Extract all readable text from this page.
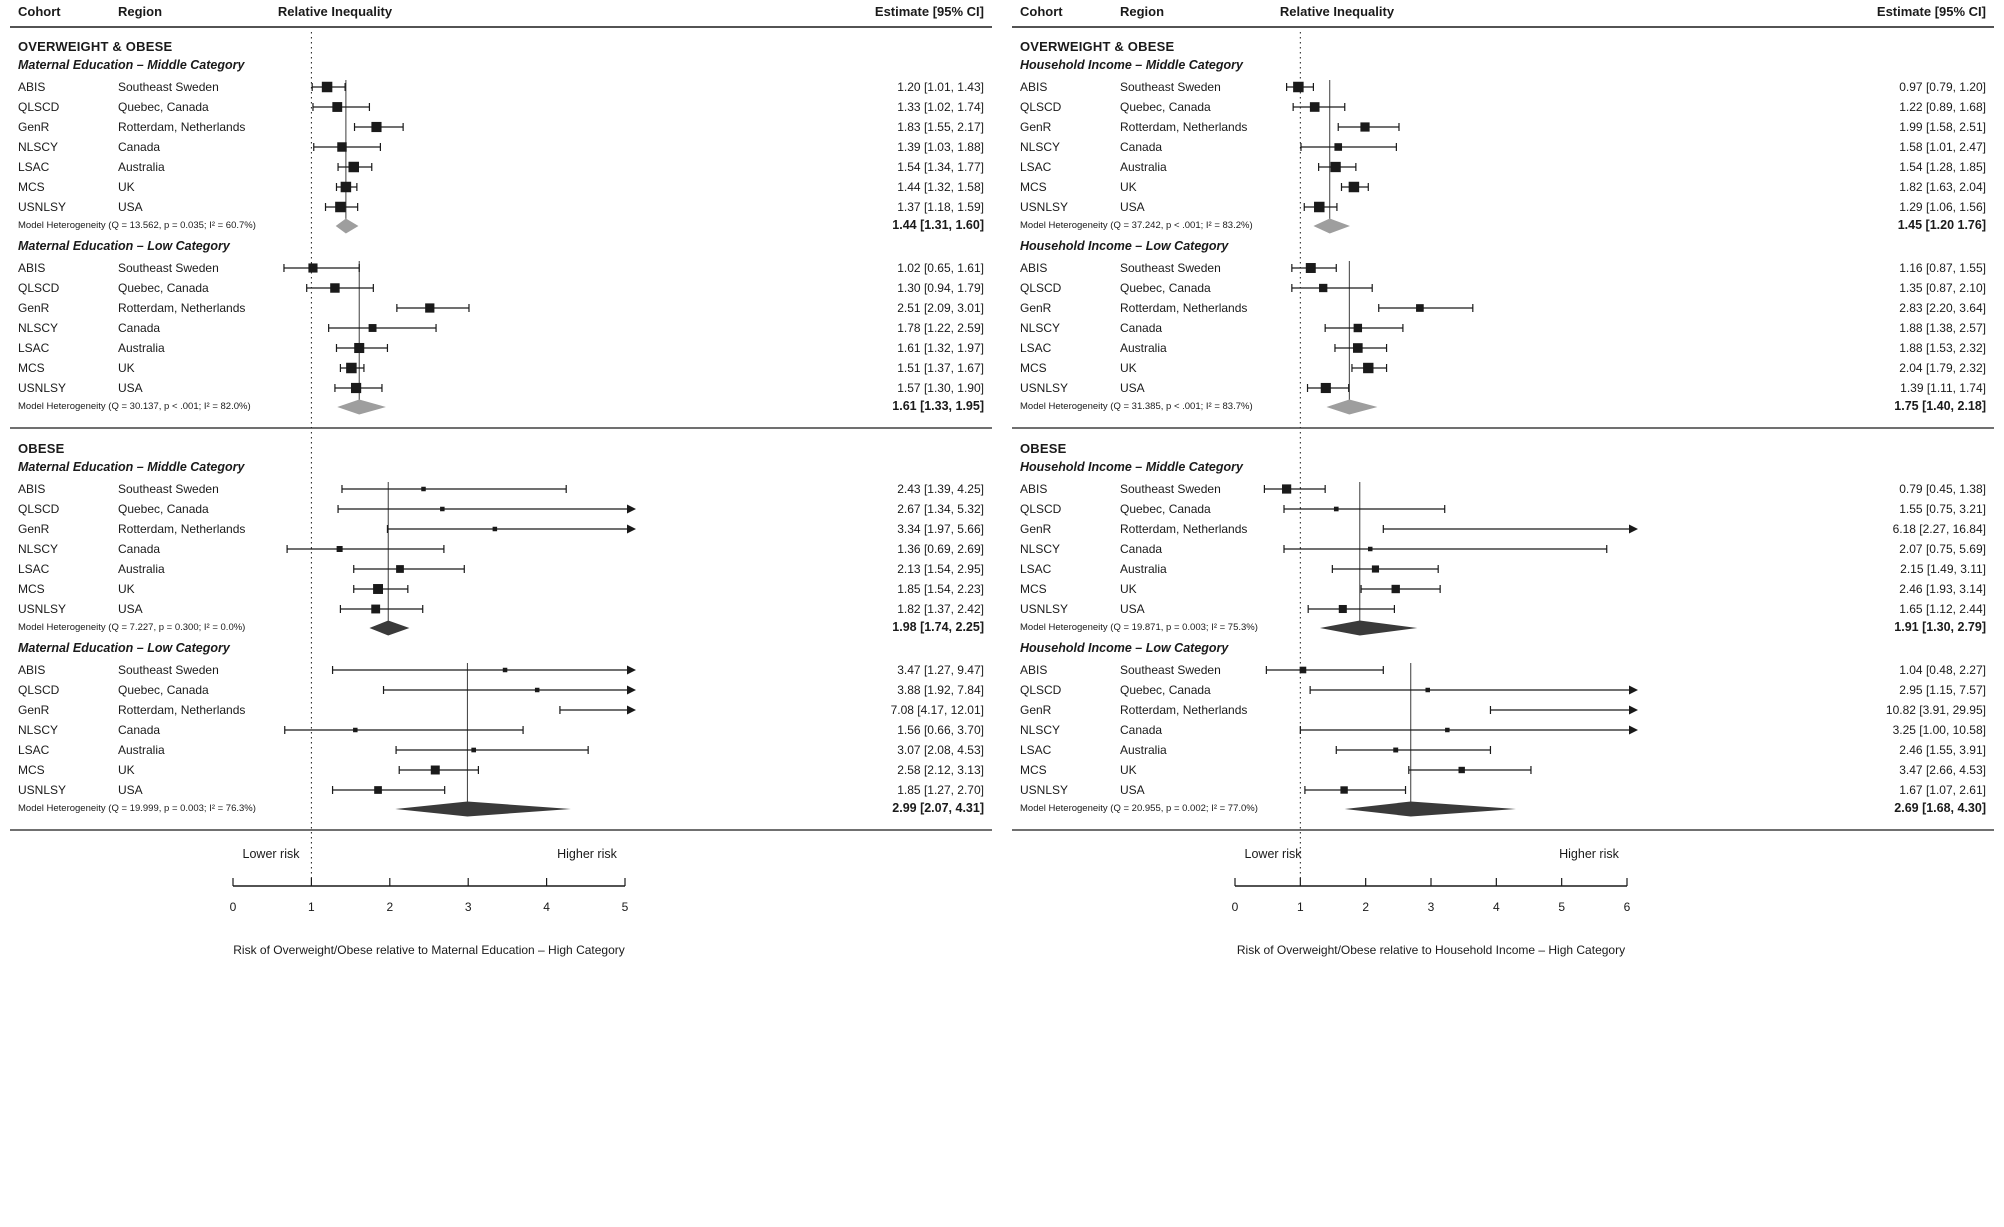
Cohort	Region	Relative Inequality	Estimate [95% CI]
OVERWEIGHT & OBESE
Maternal Education – Middle Category
ABIS	Southeast Sweden	1.20 [1.01, 1.43]
QLSCD	Quebec, Canada	1.33 [1.02, 1.74]
GenR	Rotterdam, Netherlands	1.83 [1.55, 2.17]
NLSCY	Canada	1.39 [1.03, 1.88]
LSAC	Australia	1.54 [1.34, 1.77]
MCS	UK	1.44 [1.32, 1.58]
USNLSY	USA	1.37 [1.18, 1.59]
Model Heterogeneity (Q = 13.562, p = 0.035; I² = 60.7%)	1.44 [1.31, 1.60]
Maternal Education – Low Category
ABIS	Southeast Sweden	1.02 [0.65, 1.61]
QLSCD	Quebec, Canada	1.30 [0.94, 1.79]
GenR	Rotterdam, Netherlands	2.51 [2.09, 3.01]
NLSCY	Canada	1.78 [1.22, 2.59]
LSAC	Australia	1.61 [1.32, 1.97]
MCS	UK	1.51 [1.37, 1.67]
USNLSY	USA	1.57 [1.30, 1.90]
Model Heterogeneity (Q = 30.137, p < .001; I² = 82.0%)	1.61 [1.33, 1.95]
OBESE
Maternal Education – Middle Category
ABIS	Southeast Sweden	2.43 [1.39, 4.25]
QLSCD	Quebec, Canada	2.67 [1.34, 5.32]
GenR	Rotterdam, Netherlands	3.34 [1.97, 5.66]
NLSCY	Canada	1.36 [0.69, 2.69]
LSAC	Australia	2.13 [1.54, 2.95]
MCS	UK	1.85 [1.54, 2.23]
USNLSY	USA	1.82 [1.37, 2.42]
Model Heterogeneity (Q = 7.227, p = 0.300; I² = 0.0%)	1.98 [1.74, 2.25]
Maternal Education – Low Category
ABIS	Southeast Sweden	3.47 [1.27, 9.47]
QLSCD	Quebec, Canada	3.88 [1.92, 7.84]
GenR	Rotterdam, Netherlands	7.08 [4.17, 12.01]
NLSCY	Canada	1.56 [0.66, 3.70]
LSAC	Australia	3.07 [2.08, 4.53]
MCS	UK	2.58 [2.12, 3.13]
USNLSY	USA	1.85 [1.27, 2.70]
Model Heterogeneity (Q = 19.999, p = 0.003; I² = 76.3%)	2.99 [2.07, 4.31]
Lower risk	Higher risk
0	1	2	3	4	5
Risk of Overweight/Obese relative to Maternal Education – High Category
Cohort	Region	Relative Inequality	Estimate [95% CI]
OVERWEIGHT & OBESE
Household Income – Middle Category
ABIS	Southeast Sweden	0.97 [0.79, 1.20]
QLSCD	Quebec, Canada	1.22 [0.89, 1.68]
GenR	Rotterdam, Netherlands	1.99 [1.58, 2.51]
NLSCY	Canada	1.58 [1.01, 2.47]
LSAC	Australia	1.54 [1.28, 1.85]
MCS	UK	1.82 [1.63, 2.04]
USNLSY	USA	1.29 [1.06, 1.56]
Model Heterogeneity (Q = 37.242, p < .001; I² = 83.2%)	1.45 [1.20 1.76]
Household Income – Low Category
ABIS	Southeast Sweden	1.16 [0.87, 1.55]
QLSCD	Quebec, Canada	1.35 [0.87, 2.10]
GenR	Rotterdam, Netherlands	2.83 [2.20, 3.64]
NLSCY	Canada	1.88 [1.38, 2.57]
LSAC	Australia	1.88 [1.53, 2.32]
MCS	UK	2.04 [1.79, 2.32]
USNLSY	USA	1.39 [1.11, 1.74]
Model Heterogeneity (Q = 31.385, p < .001; I² = 83.7%)	1.75 [1.40, 2.18]
OBESE
Household Income – Middle Category
ABIS	Southeast Sweden	0.79 [0.45, 1.38]
QLSCD	Quebec, Canada	1.55 [0.75, 3.21]
GenR	Rotterdam, Netherlands	6.18 [2.27, 16.84]
NLSCY	Canada	2.07 [0.75, 5.69]
LSAC	Australia	2.15 [1.49, 3.11]
MCS	UK	2.46 [1.93, 3.14]
USNLSY	USA	1.65 [1.12, 2.44]
Model Heterogeneity (Q = 19.871, p = 0.003; I² = 75.3%)	1.91 [1.30, 2.79]
Household Income – Low Category
ABIS	Southeast Sweden	1.04 [0.48, 2.27]
QLSCD	Quebec, Canada	2.95 [1.15, 7.57]
GenR	Rotterdam, Netherlands	10.82 [3.91, 29.95]
NLSCY	Canada	3.25 [1.00, 10.58]
LSAC	Australia	2.46 [1.55, 3.91]
MCS	UK	3.47 [2.66, 4.53]
USNLSY	USA	1.67 [1.07, 2.61]
Model Heterogeneity (Q = 20.955, p = 0.002; I² = 77.0%)	2.69 [1.68, 4.30]
Lower risk	Higher risk
0	1	2	3	4	5	6
Risk of Overweight/Obese relative to Household Income – High Category
